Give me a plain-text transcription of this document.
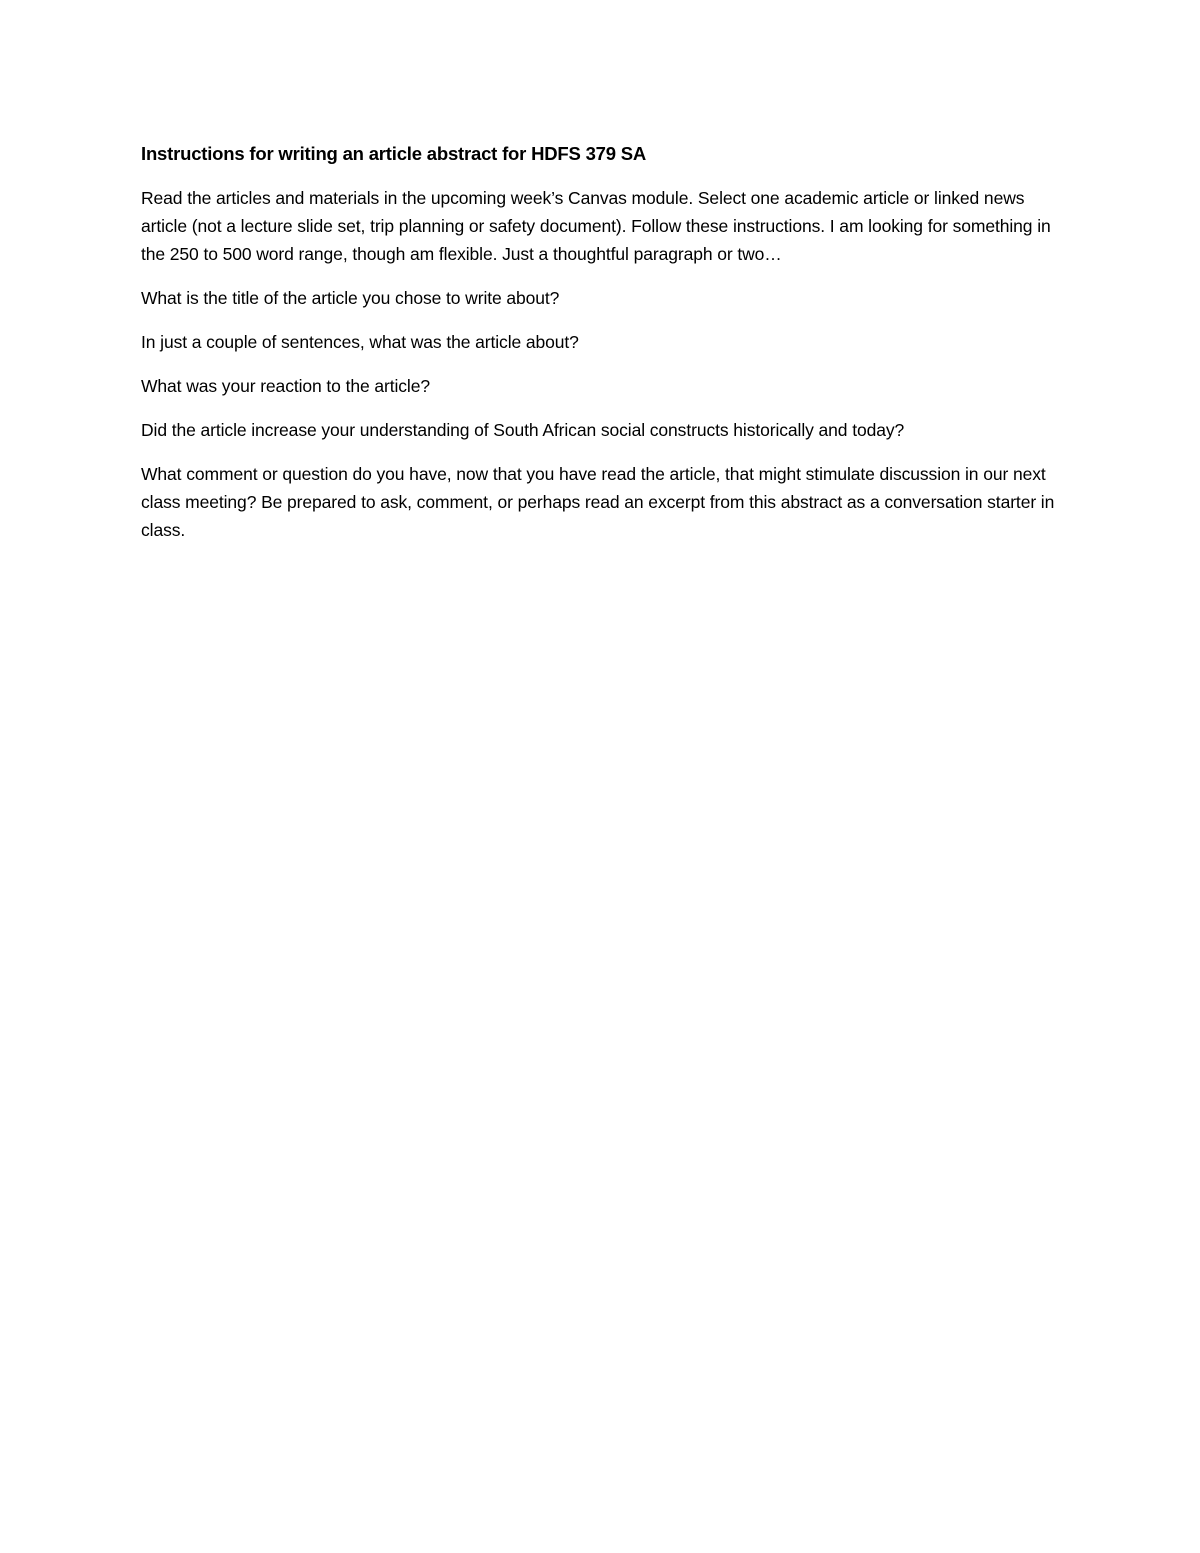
Instructions for writing an article abstract for HDFS 379 SA

Read the articles and materials in the upcoming week’s Canvas module. Select one academic article or linked news article (not a lecture slide set, trip planning or safety document). Follow these instructions. I am looking for something in the 250 to 500 word range, though am flexible. Just a thoughtful paragraph or two…

What is the title of the article you chose to write about?

In just a couple of sentences, what was the article about?

What was your reaction to the article?

Did the article increase your understanding of South African social constructs historically and today?

What comment or question do you have, now that you have read the article, that might stimulate discussion in our next class meeting? Be prepared to ask, comment, or perhaps read an excerpt from this abstract as a conversation starter in class.
